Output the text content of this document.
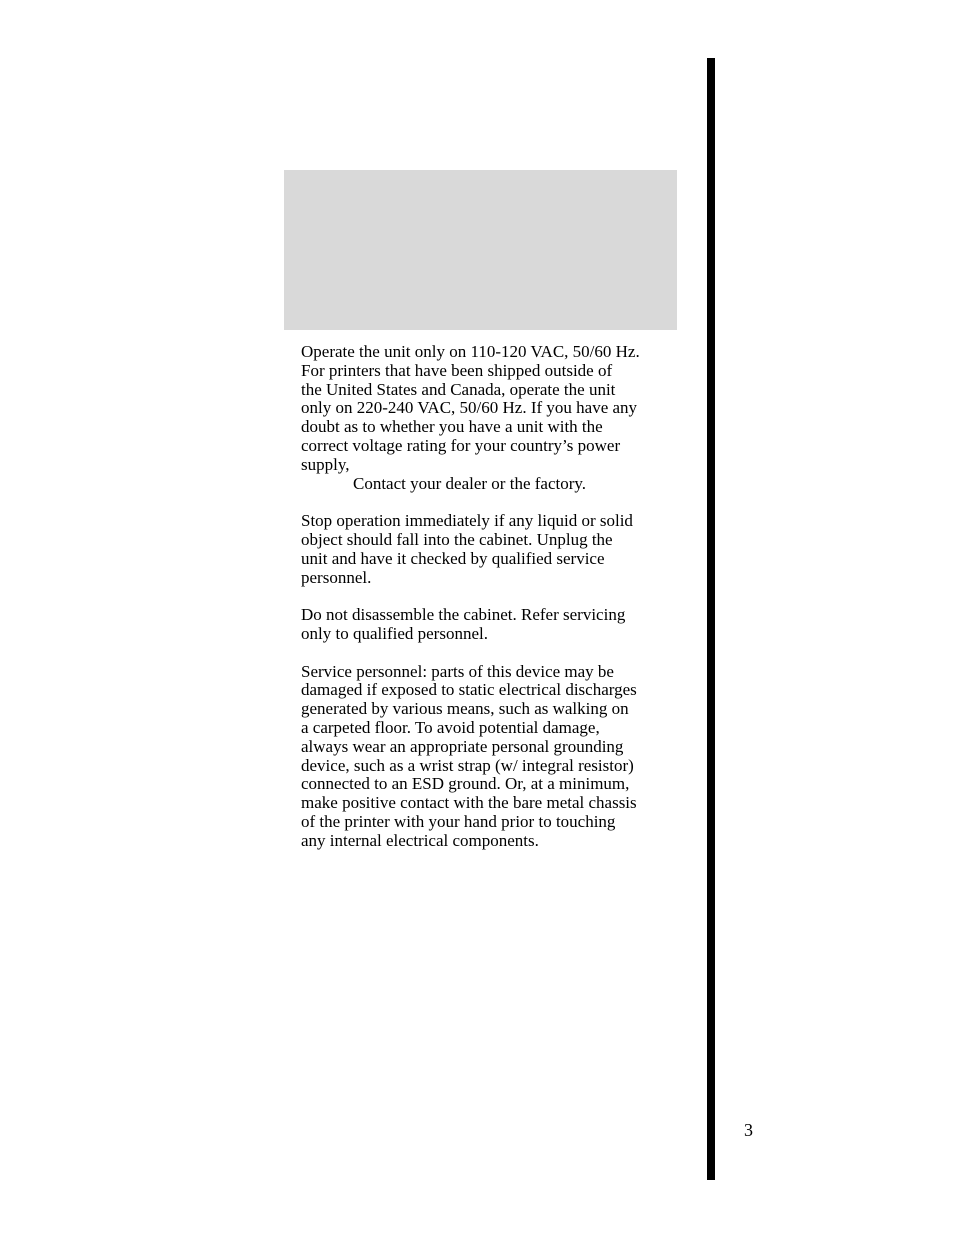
Operate the unit only on 110-120 VAC, 50/60 Hz.
For printers that have been shipped outside of
the United States and Canada, operate the unit
only on 220-240 VAC, 50/60 Hz. If you have any
doubt as to whether you have a unit with the
correct voltage rating for your country’s power
supply,
Contact your dealer or the factory.
Stop operation immediately if any liquid or solid
object should fall into the cabinet. Unplug the
unit and have it checked by qualified service
personnel.
Do not disassemble the cabinet. Refer servicing
only to qualified personnel.
Service personnel: parts of this device may be
damaged if exposed to static electrical discharges
generated by various means, such as walking on
a carpeted floor. To avoid potential damage,
always wear an appropriate personal grounding
device, such as a wrist strap (w/ integral resistor)
connected to an ESD ground. Or, at a minimum,
make positive contact with the bare metal chassis
of the printer with your hand prior to touching
any internal electrical components.
3
